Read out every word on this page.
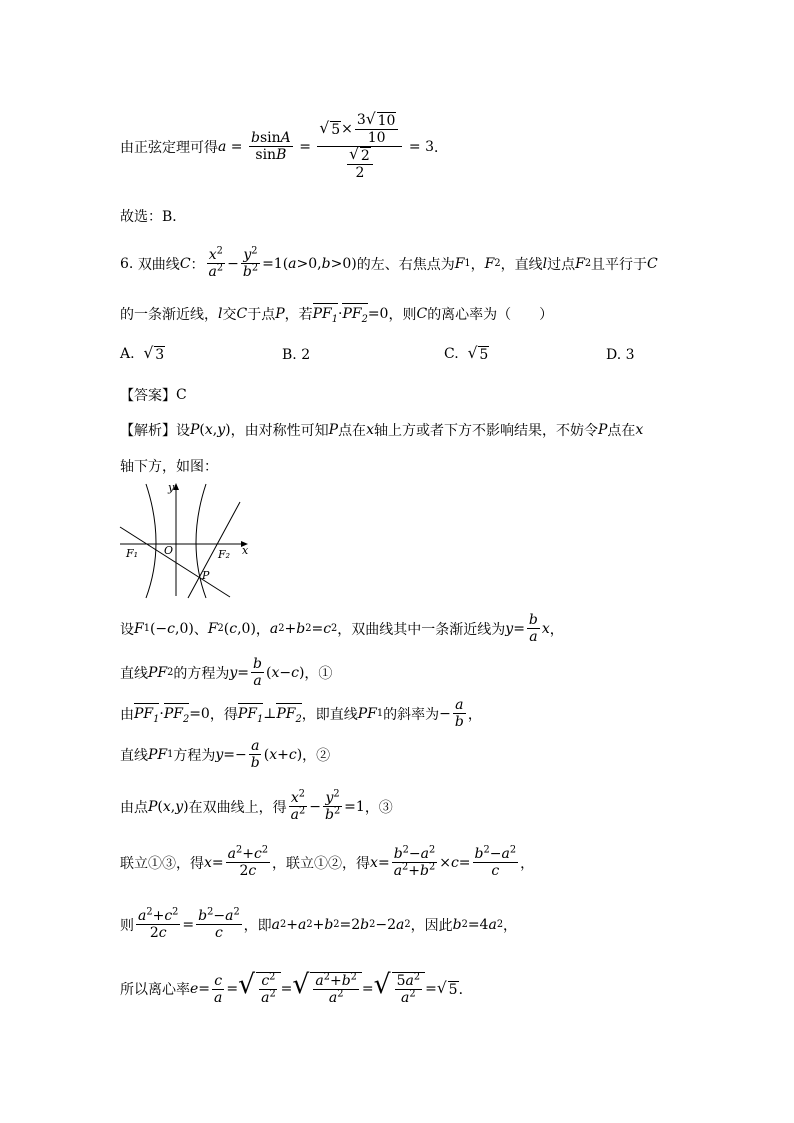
由正弦定理可得 $a = \frac{bsinA}{\sin B} = \frac{√ 5 \times \frac{3 √ 10}{10}}{\frac{√ 2}{2}} = 3$ ．
故选：B．
6.
双曲线 C ： $\frac{x^2}{a^2} - \frac{y^2}{b^2} =1$( a >0, b >0) 的左、右焦点为 F 1 ， F 2 ，直线 l 过点 F 2 且平行于 C
的一条渐近线， l 交 C 于点 P ，若 $PF_1 \cdot PF_2 =0$ ，则 C 的离心率为（　　）
A. √ 3	B. 2	C. √ 5	D. 3
【答案】 C
【解析】 设 P ( x , y ) ，由对称性可知 P 点在 x 轴上方或者下方不影响结果，不妨令 P 点在 x
轴下方，如图：
y
x
O
F₁	F₂
P
设 F 1 (− c ,0) 、 F 2 ( c ,0) ， a 2 + b 2 = c 2 ，双曲线其中一条渐近线为 $y = \frac{b}{a}$ x ，
直线 PF 2 的方程为 $y = \frac{b}{a}$ ( x − c ) ，①
由 $PF_1 \cdot PF_2 =0$ ，得 $PF_1$ ⊥ $PF_2$ ，即直线 PF 1 的斜率为 − $\frac{a}{b}$ ，
直线 PF 1 方程为 $y =- \frac{a}{b}$ ( x + c ) ，②
由点 P ( x , y ) 在双曲线上，得 $\frac{x^2}{a^2} - \frac{y^2}{b^2} =1$ ，③
联立①③，得 $x = \frac{a^2+c^2}{2c}$ ，联立①②，得 $x = \frac{b^2-a^2}{a^2+b^2} \times c = \frac{b^2-a^2}{c}$ ，
则 $\frac{a^2+c^2}{2c} = \frac{b^2-a^2}{c}$ ，即 a 2 + a 2 + b 2 =2 b 2 −2 a 2 ，因此 b 2 =4 a 2 ，
所以离心率 $e = \frac{c}{a}$ = √ $\frac{c^2}{a^2}$ = √ $\frac{a^2+b^2}{a^2}$ = √ $\frac{5a^2}{a^2}$ = √ 5 ．
